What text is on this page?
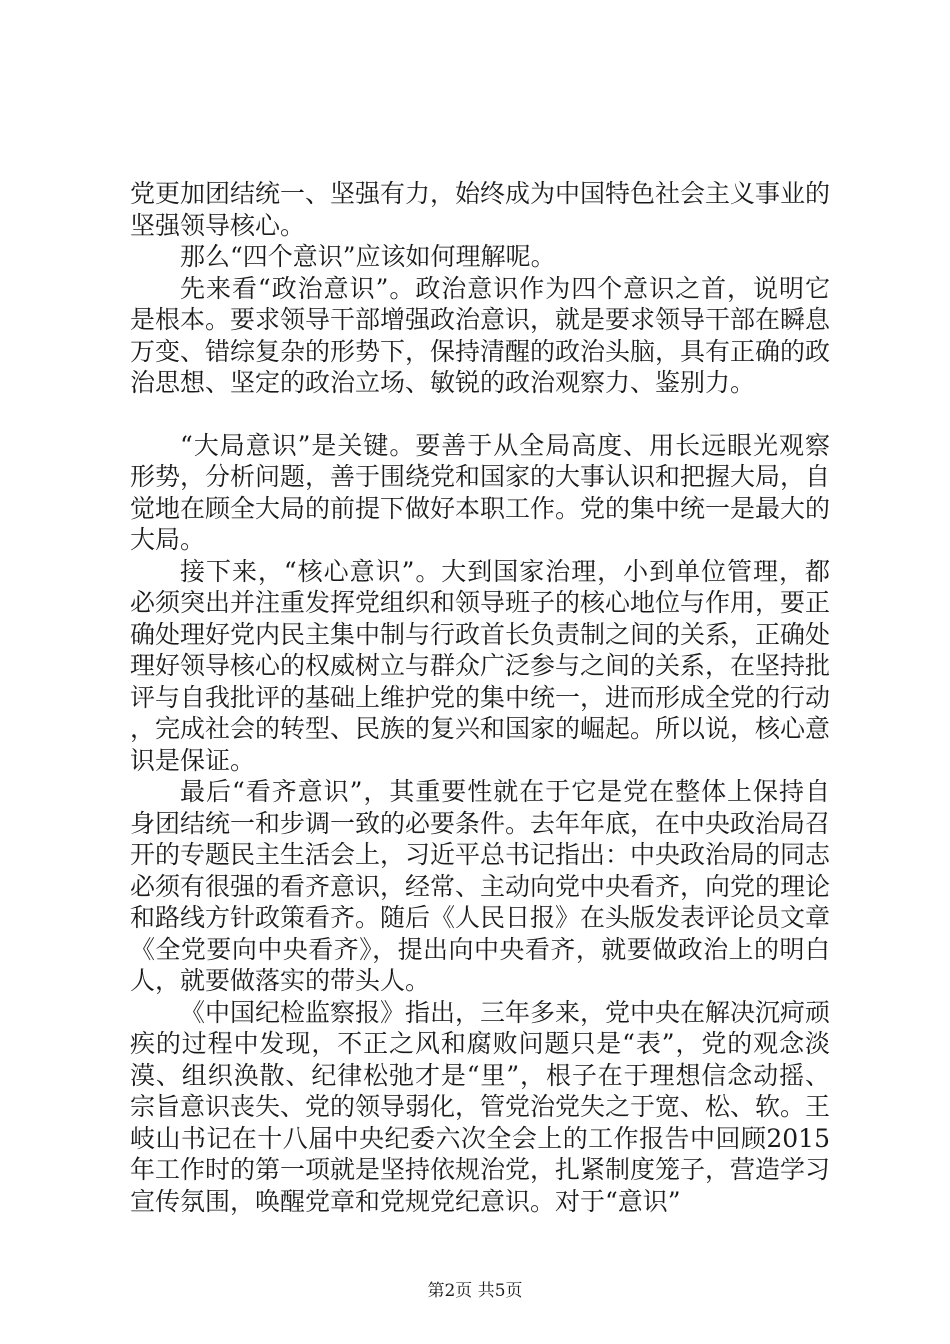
党更加团结统一、坚强有力，始终成为中国特色社会主义事业的坚强领导核心。

那么“四个意识”应该如何理解呢。

先来看“政治意识”。政治意识作为四个意识之首，说明它是根本。要求领导干部增强政治意识，就是要求领导干部在瞬息万变、错综复杂的形势下，保持清醒的政治头脑，具有正确的政治思想、坚定的政治立场、敏锐的政治观察力、鉴别力。

“大局意识”是关键。要善于从全局高度、用长远眼光观察形势，分析问题，善于围绕党和国家的大事认识和把握大局，自觉地在顾全大局的前提下做好本职工作。党的集中统一是最大的大局。

接下来，“核心意识”。大到国家治理，小到单位管理，都必须突出并注重发挥党组织和领导班子的核心地位与作用，要正确处理好党内民主集中制与行政首长负责制之间的关系，正确处理好领导核心的权威树立与群众广泛参与之间的关系，在坚持批评与自我批评的基础上维护党的集中统一，进而形成全党的行动，完成社会的转型、民族的复兴和国家的崛起。所以说，核心意识是保证。

最后“看齐意识”，其重要性就在于它是党在整体上保持自身团结统一和步调一致的必要条件。去年年底，在中央政治局召开的专题民主生活会上，习近平总书记指出：中央政治局的同志必须有很强的看齐意识，经常、主动向党中央看齐，向党的理论和路线方针政策看齐。随后《人民日报》在头版发表评论员文章《全党要向中央看齐》，提出向中央看齐，就要做政治上的明白人，就要做落实的带头人。

《中国纪检监察报》指出，三年多来，党中央在解决沉疴顽疾的过程中发现，不正之风和腐败问题只是“表”，党的观念淡漠、组织涣散、纪律松弛才是“里”，根子在于理想信念动摇、宗旨意识丧失、党的领导弱化，管党治党失之于宽、松、软。王岐山书记在十八届中央纪委六次全会上的工作报告中回顾2015年工作时的第一项就是坚持依规治党，扎紧制度笼子，营造学习宣传氛围，唤醒党章和党规党纪意识。对于“意识”

第2页 共5页
